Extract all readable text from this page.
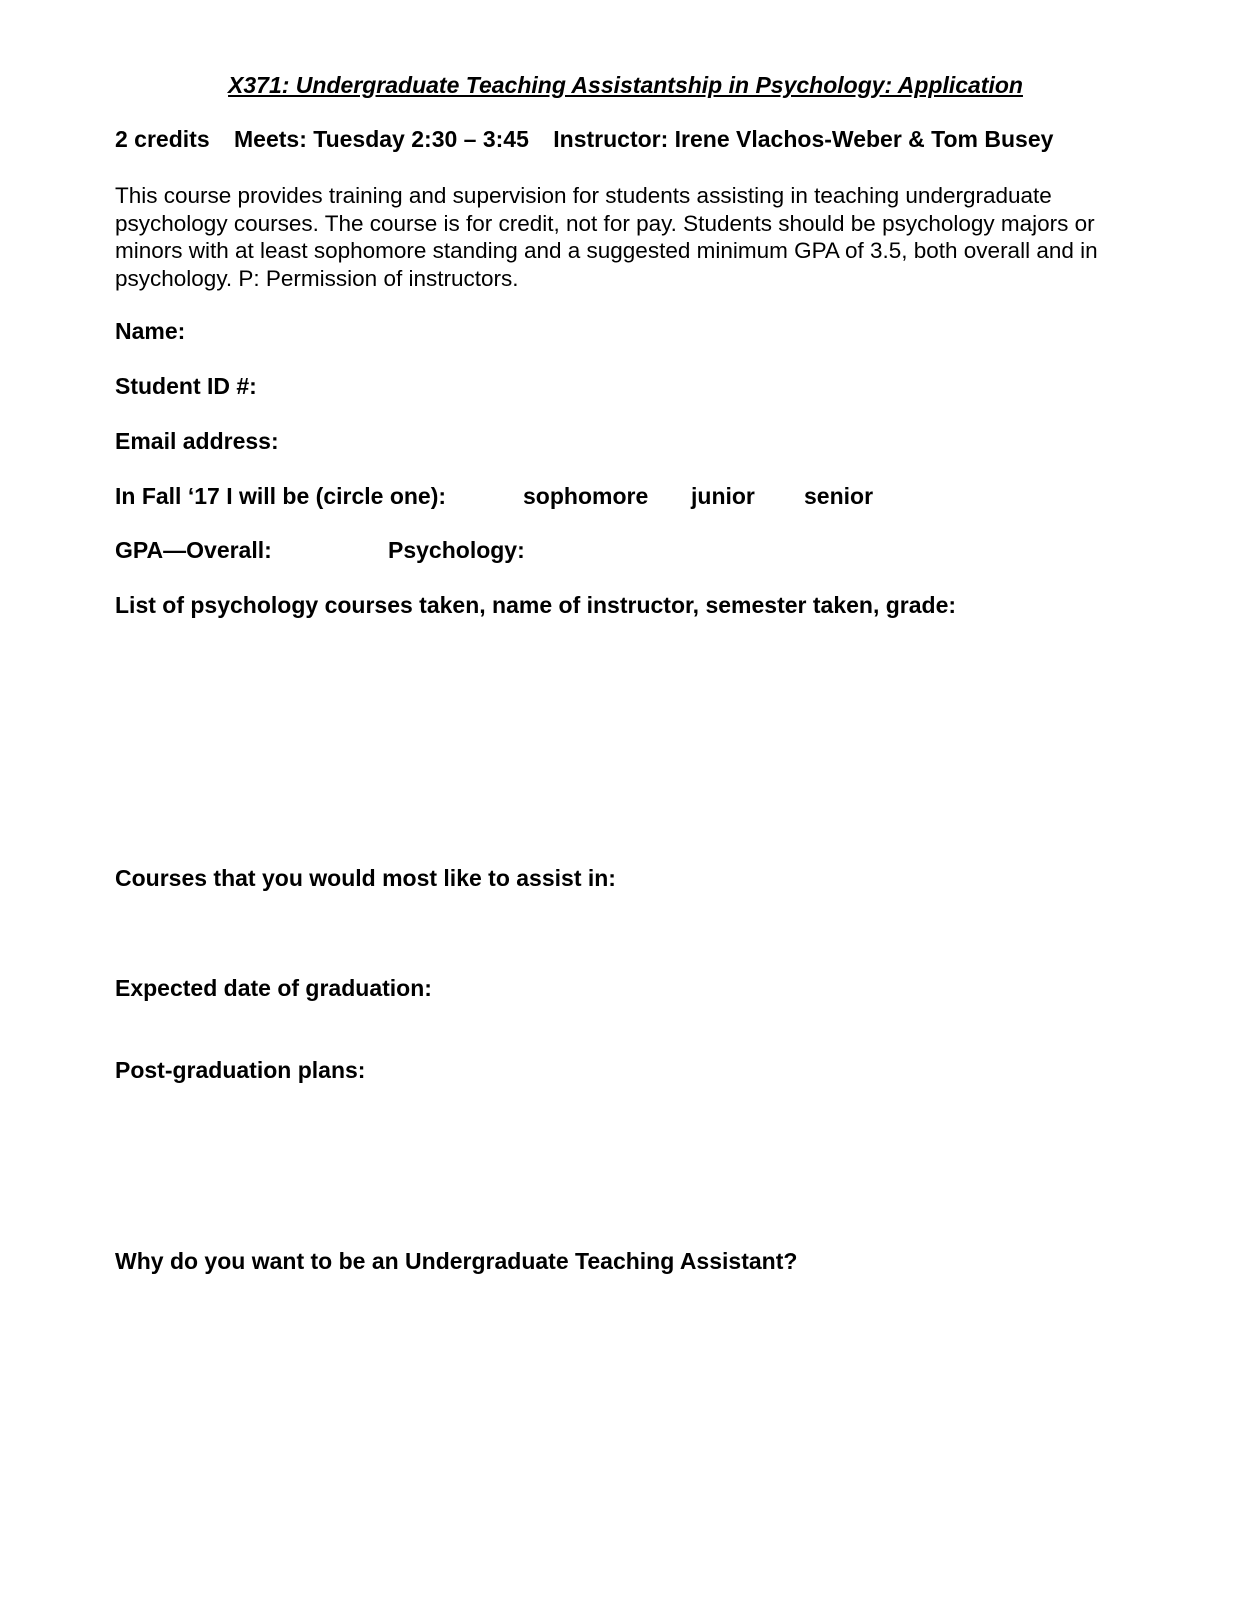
X371: Undergraduate Teaching Assistantship in Psychology: Application
2 credits Meets: Tuesday 2:30 – 3:45 Instructor: Irene Vlachos-Weber & Tom Busey

This course provides training and supervision for students assisting in teaching undergraduate psychology courses. The course is for credit, not for pay. Students should be psychology majors or minors with at least sophomore standing and a suggested minimum GPA of 3.5, both overall and in psychology. P: Permission of instructors.

Name:
Student ID #:
Email address:
In Fall ‘17 I will be (circle one):	sophomore junior senior
GPA—Overall:	Psychology:
List of psychology courses taken, name of instructor, semester taken, grade:
Courses that you would most like to assist in:
Expected date of graduation:
Post-graduation plans:
Why do you want to be an Undergraduate Teaching Assistant?
